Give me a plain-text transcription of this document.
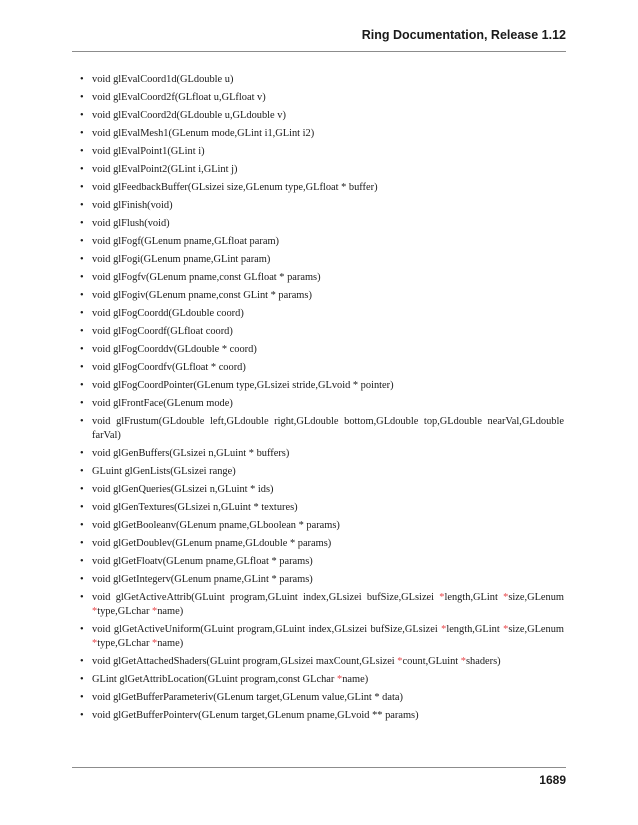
Ring Documentation, Release 1.12
• void glEvalCoord1d(GLdouble u)
• void glEvalCoord2f(GLfloat u,GLfloat v)
• void glEvalCoord2d(GLdouble u,GLdouble v)
• void glEvalMesh1(GLenum mode,GLint i1,GLint i2)
• void glEvalPoint1(GLint i)
• void glEvalPoint2(GLint i,GLint j)
• void glFeedbackBuffer(GLsizei size,GLenum type,GLfloat * buffer)
• void glFinish(void)
• void glFlush(void)
• void glFogf(GLenum pname,GLfloat param)
• void glFogi(GLenum pname,GLint param)
• void glFogfv(GLenum pname,const GLfloat * params)
• void glFogiv(GLenum pname,const GLint * params)
• void glFogCoordd(GLdouble coord)
• void glFogCoordf(GLfloat coord)
• void glFogCoorddv(GLdouble * coord)
• void glFogCoordfv(GLfloat * coord)
• void glFogCoordPointer(GLenum type,GLsizei stride,GLvoid * pointer)
• void glFrontFace(GLenum mode)
• void glFrustum(GLdouble left,GLdouble right,GLdouble bottom,GLdouble top,GLdouble nearVal,GLdouble farVal)
• void glGenBuffers(GLsizei n,GLuint * buffers)
• GLuint glGenLists(GLsizei range)
• void glGenQueries(GLsizei n,GLuint * ids)
• void glGenTextures(GLsizei n,GLuint * textures)
• void glGetBooleanv(GLenum pname,GLboolean * params)
• void glGetDoublev(GLenum pname,GLdouble * params)
• void glGetFloatv(GLenum pname,GLfloat * params)
• void glGetIntegerv(GLenum pname,GLint * params)
• void glGetActiveAttrib(GLuint program,GLuint index,GLsizei bufSize,GLsizei *length,GLint *size,GLenum *type,GLchar *name)
• void glGetActiveUniform(GLuint program,GLuint index,GLsizei bufSize,GLsizei *length,GLint *size,GLenum *type,GLchar *name)
• void glGetAttachedShaders(GLuint program,GLsizei maxCount,GLsizei *count,GLuint *shaders)
• GLint glGetAttribLocation(GLuint program,const GLchar *name)
• void glGetBufferParameteriv(GLenum target,GLenum value,GLint * data)
• void glGetBufferPointerv(GLenum target,GLenum pname,GLvoid ** params)
1689
